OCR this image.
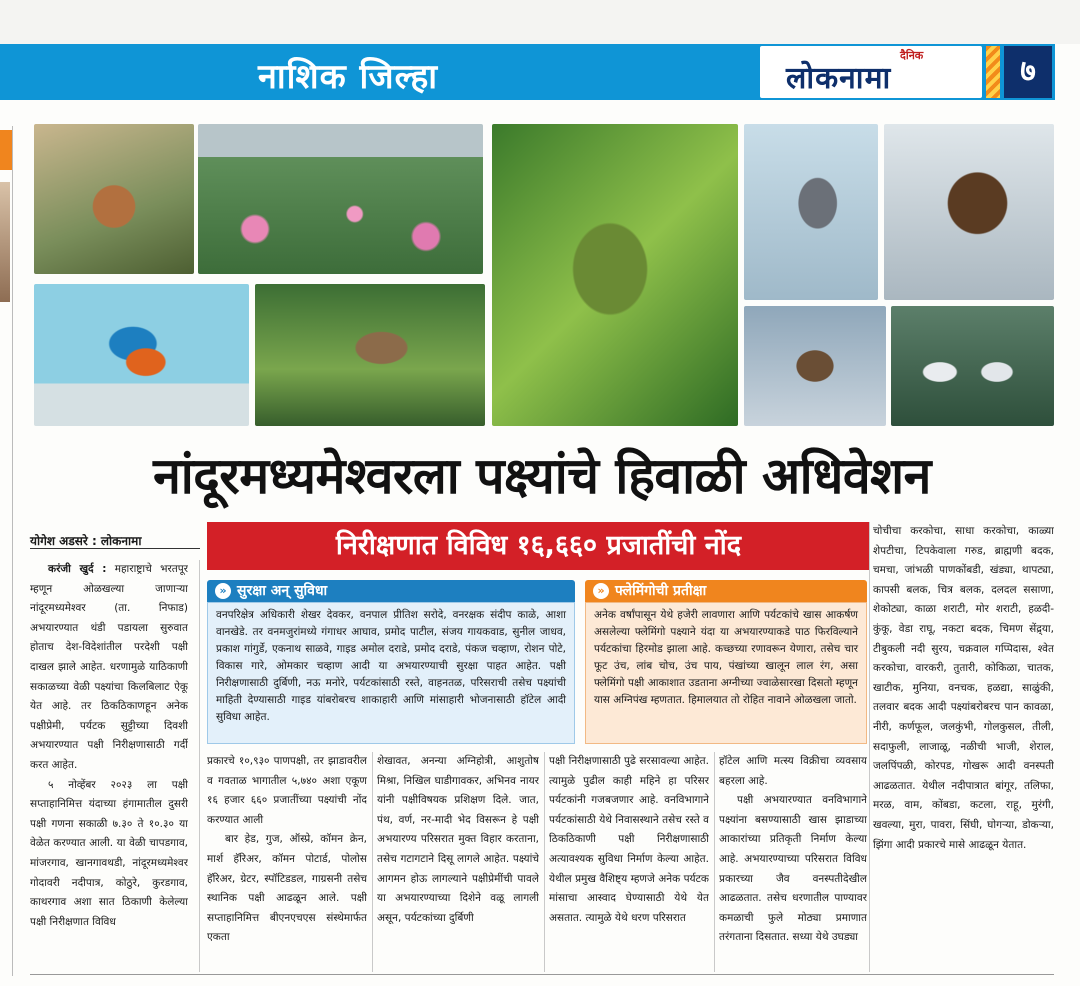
नाशिक जिल्हा
दैनिक
लोकनामा	७
नांदूरमध्यमेश्वरला पक्ष्यांचे हिवाळी अधिवेशन
योगेश अडसरे : लोकनामा	निरीक्षणात विविध १६,६६० प्रजातींची नोंद
» सुरक्षा अन्‌ सुविधा
वनपरिक्षेत्र अधिकारी शेखर देवकर, वनपाल प्रीतिश सरोदे, वनरक्षक संदीप काळे, आशा वानखेडे. तर वनमजुरांमध्ये गंगाधर आघाव, प्रमोद पाटील, संजय गायकवाड, सुनील जाधव, प्रकाश गांगुर्डे, एकनाथ साळवे, गाइड अमोल दराडे, प्रमोद दराडे, पंकज चव्हाण, रोशन पोटे, विकास गारे, ओमकार चव्हाण आदी या अभयारण्याची सुरक्षा पाहत आहेत. पक्षी निरीक्षणासाठी दुर्बिणी, नऊ मनोरे, पर्यटकांसाठी रस्ते, वाहनतळ, परिसराची तसेच पक्ष्यांची माहिती देण्यासाठी गाइड यांबरोबरच शाकाहारी आणि मांसाहारी भोजनासाठी हॉटेल आदी सुविधा आहेत.
» फ्लेमिंगोची प्रतीक्षा
अनेक वर्षांपासून येथे हजेरी लावणारा आणि पर्यटकांचे खास आकर्षण असलेल्या फ्लेमिंगो पक्ष्याने यंदा या अभयारण्याकडे पाठ फिरविल्याने पर्यटकांचा हिरमोड झाला आहे. कच्छच्या रणावरून येणारा, तसेच चार फूट उंच, लांब चोच, उंच पाय, पंखांच्या खालून लाल रंग, असा फ्लेमिंगो पक्षी आकाशात उडताना अग्नीच्या ज्वाळेसारखा दिसतो म्हणून यास अग्निपंख म्हणतात. हिमालयात तो रोहित नावाने ओळखला जातो.

करंजी खुर्द : महाराष्ट्राचे भरतपूर म्हणून ओळखल्या जाणाऱ्या नांदूरमध्यमेश्वर (ता. निफाड) अभयारण्यात थंडी पडायला सुरुवात होताच देश-विदेशांतील परदेशी पक्षी दाखल झाले आहेत. धरणामुळे याठिकाणी सकाळच्या वेळी पक्ष्यांचा किलबिलाट ऐकू येत आहे. तर ठिकठिकाणहून अनेक पक्षीप्रेमी, पर्यटक सुट्टीच्या दिवशी अभयारण्यात पक्षी निरीक्षणासाठी गर्दी करत आहेत.

५ नोव्हेंबर २०२३ ला पक्षी सप्ताहानिमित्त यंदाच्या हंगामातील दुसरी पक्षी गणना सकाळी ७.३० ते १०.३० या वेळेत करण्यात आली. या वेळी चापडगाव, मांजरगाव, खानगावथडी, नांदूरमध्यमेश्वर गोदावरी नदीपात्र, कोठुरे, कुरडगाव, काथरगाव अशा सात ठिकाणी केलेल्या पक्षी निरीक्षणात विविध

प्रकारचे १०,९३० पाणपक्षी, तर झाडावरील व गवताळ भागातील ५,७४० अशा एकूण १६ हजार ६६० प्रजातींच्या पक्ष्यांची नोंद करण्यात आली

बार हेड, गुज, ऑस्प्रे, कॉमन क्रेन, मार्श हॅरिअर, कॉमन पोटार्ड, पोलोस हॅरिअर, ग्रेटर, स्पॉटिडडल, गाग्रसनी तसेच स्थानिक पक्षी आढळून आले. पक्षी सप्ताहानिमित्त बीएनएचएस संस्थेमार्फत एकता

शेखावत, अनन्या अग्निहोत्री, आशुतोष मिश्रा, निखिल घाडीगावकर, अभिनव नायर यांनी पक्षीविषयक प्रशिक्षण दिले. जात, पंथ, वर्ण, नर-मादी भेद विसरून हे पक्षी अभयारण्य परिसरात मुक्त विहार करताना, तसेच गटागटाने दिसू लागले आहेत. पक्ष्यांचे आगमन होऊ लागल्याने पक्षीप्रेमींची पावले या अभयारण्याच्या दिशेने वळू लागली असून, पर्यटकांच्या दुर्बिणी

पक्षी निरीक्षणासाठी पुढे सरसावल्या आहेत. त्यामुळे पुढील काही महिने हा परिसर पर्यटकांनी गजबजणार आहे. वनविभागाने पर्यटकांसाठी येथे निवासस्थाने तसेच रस्ते व ठिकठिकाणी पक्षी निरीक्षणासाठी अत्यावश्यक सुविधा निर्माण केल्या आहेत. येथील प्रमुख वैशिष्ट्य म्हणजे अनेक पर्यटक मांसाचा आस्वाद घेण्यासाठी येथे येत असतात. त्यामुळे येथे धरण परिसरात

हॉटेल आणि मत्स्य विक्रीचा व्यवसाय बहरला आहे.

पक्षी अभयारण्यात वनविभागाने पक्ष्यांना बसण्यासाठी खास झाडाच्या आकारांच्या प्रतिकृती निर्माण केल्या आहे. अभयारण्याच्या परिसरात विविध प्रकारच्या जैव वनस्पतीदेखील आढळतात. तसेच धरणातील पाण्यावर कमळाची फुले मोठ्या प्रमाणात तरंगताना दिसतात. सध्या येथे उघड्या

चोचीचा करकोचा, साधा करकोचा, काळ्या शेपटीचा, टिपकेवाला गरुड, ब्राह्मणी बदक, चमचा, जांभळी पाणकोंबडी, खंड्या, थापट्या, कापसी बलक, चित्र बलक, दलदल ससाणा, शेकोट्या, काळा शराटी, मोर शराटी, हळदी-कुंकू, वेडा राघू, नकटा बदक, चिमण सेंद्र्या, टीबुकली नदी सुरय, चक्रवाल गप्पिदास, श्वेत करकोचा, वारकरी, तुतारी, कोकिळा, चातक, खाटीक, मुनिया, वनचक, हळद्या, साळुंकी, तलवार बदक आदी पक्ष्यांबरोबरच पान कावळा, नीरी, कर्णफूल, जलकुंभी, गोलकुसल, तीली, सदाफुली, लाजाळू, नळीची भाजी, शेराल, जलपिंपळी, कोरपड, गोखरू आदी वनस्पती आढळतात. येथील नदीपात्रात बांगूर, तलिफा, मरळ, वाम, कोंबडा, कटला, राहू, मुरंगी, खवल्या, मुरा, पावरा, सिंघी, घोगऱ्या, डोकऱ्या, झिंगा आदी प्रकारचे मासे आढळून येतात.
